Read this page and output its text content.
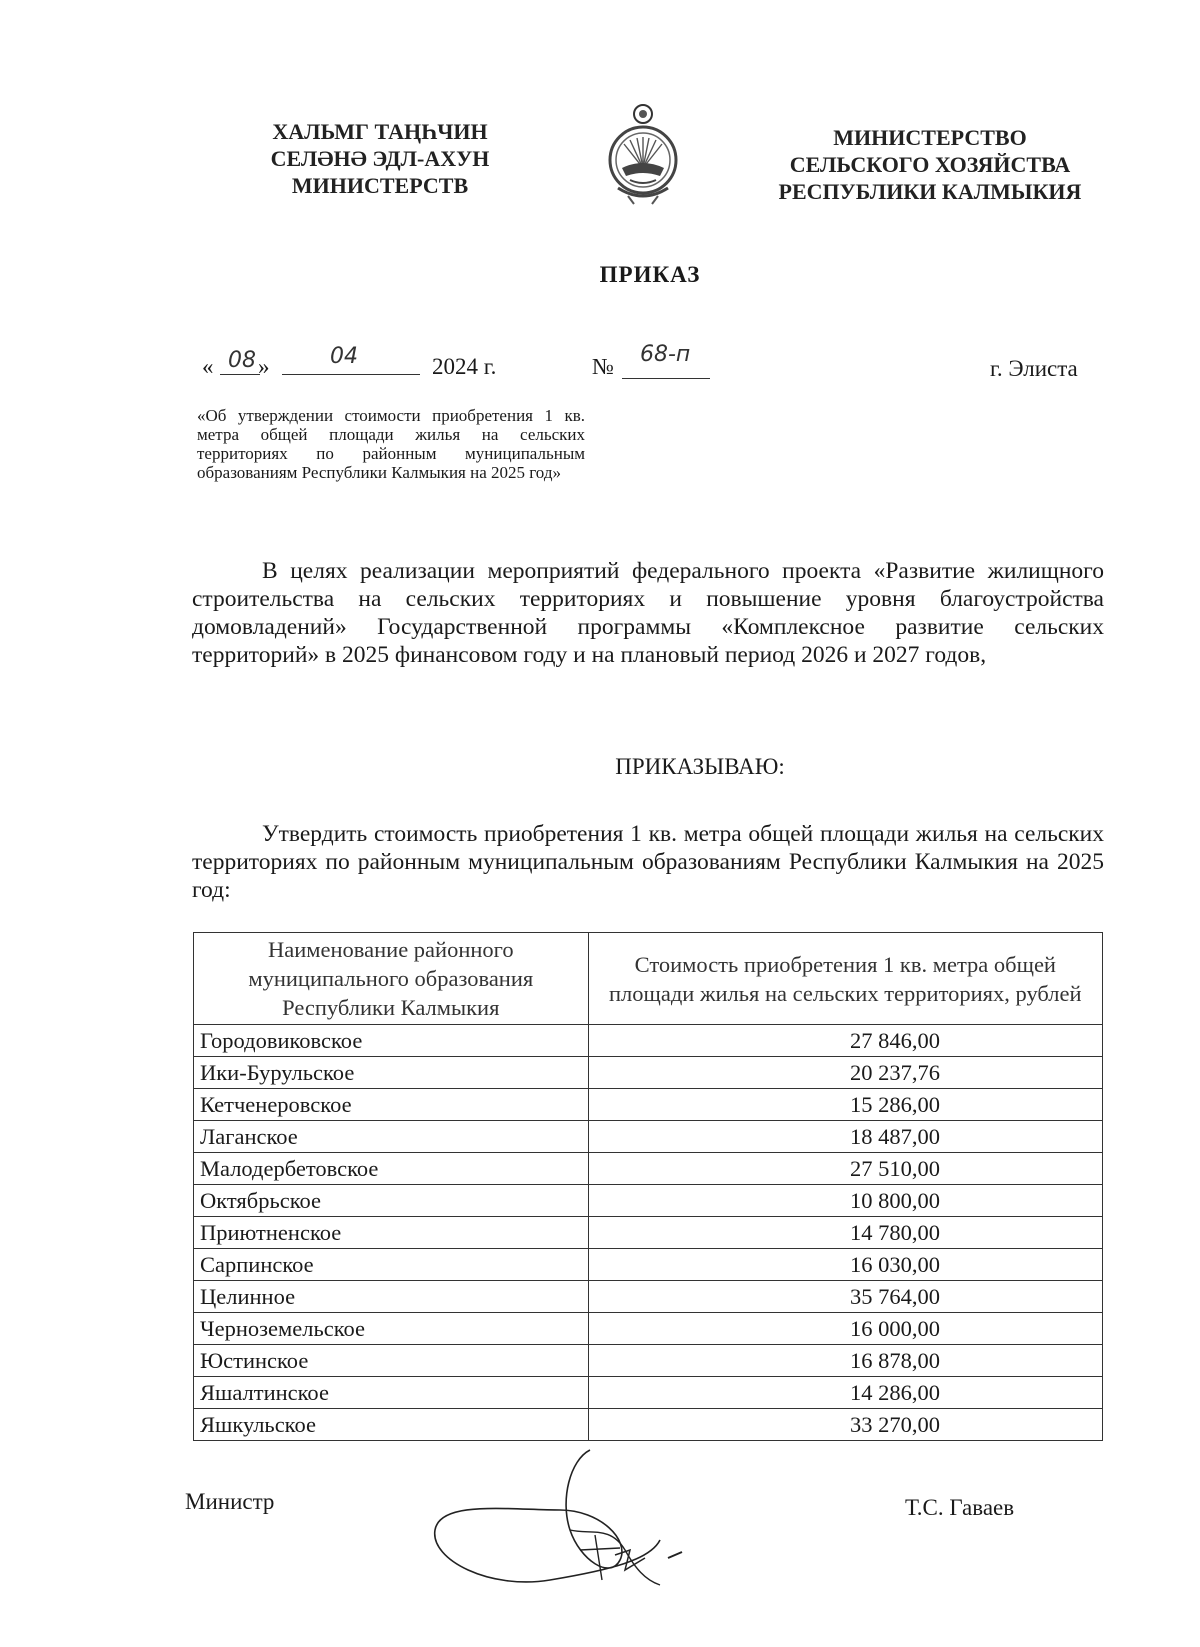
ХАЛЬМГ ТАҢҺЧИН
СЕЛӘНӘ ЭДЛ-АХУН
МИНИСТЕРСТВ
МИНИСТЕРСТВО
СЕЛЬСКОГО ХОЗЯЙСТВА
РЕСПУБЛИКИ КАЛМЫКИЯ
ПРИКАЗ
« 08 »	04	2024 г.	№ 68-п
г. Элиста
«Об утверждении стоимости приобретения 1 кв. метра общей площади жилья на сельских территориях по районным муниципальным образованиям Республики Калмыкия на 2025 год»
В целях реализации мероприятий федерального проекта «Развитие жилищного строительства на сельских территориях и повышение уровня благоустройства домовладений» Государственной программы «Комплексное развитие сельских территорий» в 2025 финансовом году и на плановый период 2026 и 2027 годов,
ПРИКАЗЫВАЮ:
Утвердить стоимость приобретения 1 кв. метра общей площади жилья на сельских территориях по районным муниципальным образованиям Республики Калмыкия на 2025 год:
Наименование районного муниципального образования Республики Калмыкия	Стоимость приобретения 1 кв. метра общей площади жилья на сельских территориях, рублей
Городовиковское	27 846,00
Ики-Бурульское	20 237,76
Кетченеровское	15 286,00
Лаганское	18 487,00
Малодербетовское	27 510,00
Октябрьское	10 800,00
Приютненское	14 780,00
Сарпинское	16 030,00
Целинное	35 764,00
Черноземельское	16 000,00
Юстинское	16 878,00
Яшалтинское	14 286,00
Яшкульское	33 270,00
Министр	Т.С. Гаваев
